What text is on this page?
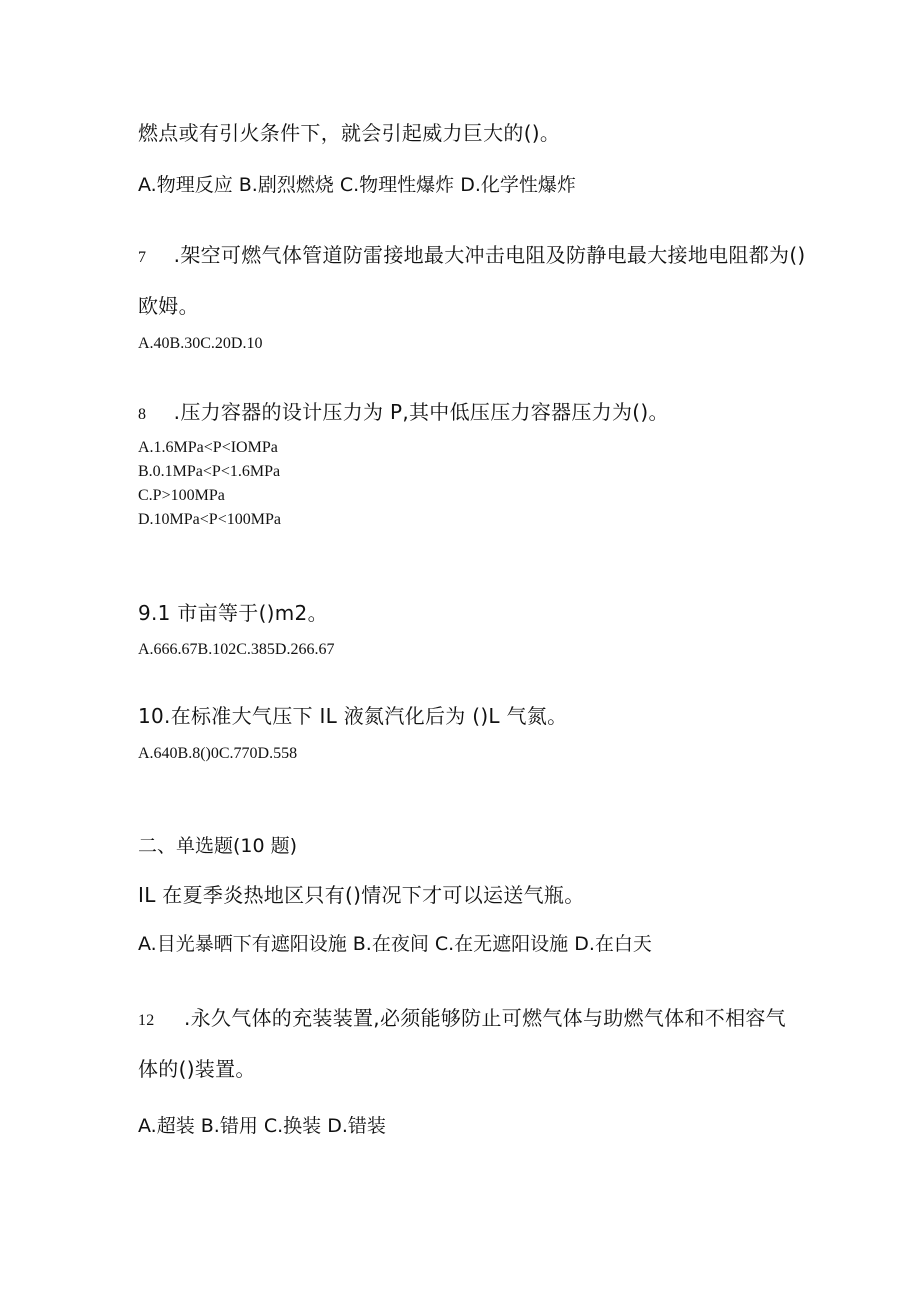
燃点或有引火条件下，就会引起威力巨大的()。

A.物理反应 B.剧烈燃烧 C.物理性爆炸 D.化学性爆炸

7 .架空可燃气体管道防雷接地最大冲击电阻及防静电最大接地电阻都为()

欧姆。

A.40B.30C.20D.10

8 .压力容器的设计压力为 P,其中低压压力容器压力为()。

A.1.6MPa<P<IOMPa

B.0.1MPa<P<1.6MPa

C.P>100MPa

D.10MPa<P<100MPa

9.1 市亩等于()m2。

A.666.67B.102C.385D.266.67

10.在标准大气压下 IL 液氮汽化后为 ()L 气氮。

A.640B.8()0C.770D.558

二、单选题(10 题)

IL 在夏季炎热地区只有()情况下才可以运送气瓶。

A.目光暴晒下有遮阳设施 B.在夜间 C.在无遮阳设施 D.在白天

12 .永久气体的充装装置,必须能够防止可燃气体与助燃气体和不相容气

体的()装置。

A.超装 B.错用 C.换装 D.错装
